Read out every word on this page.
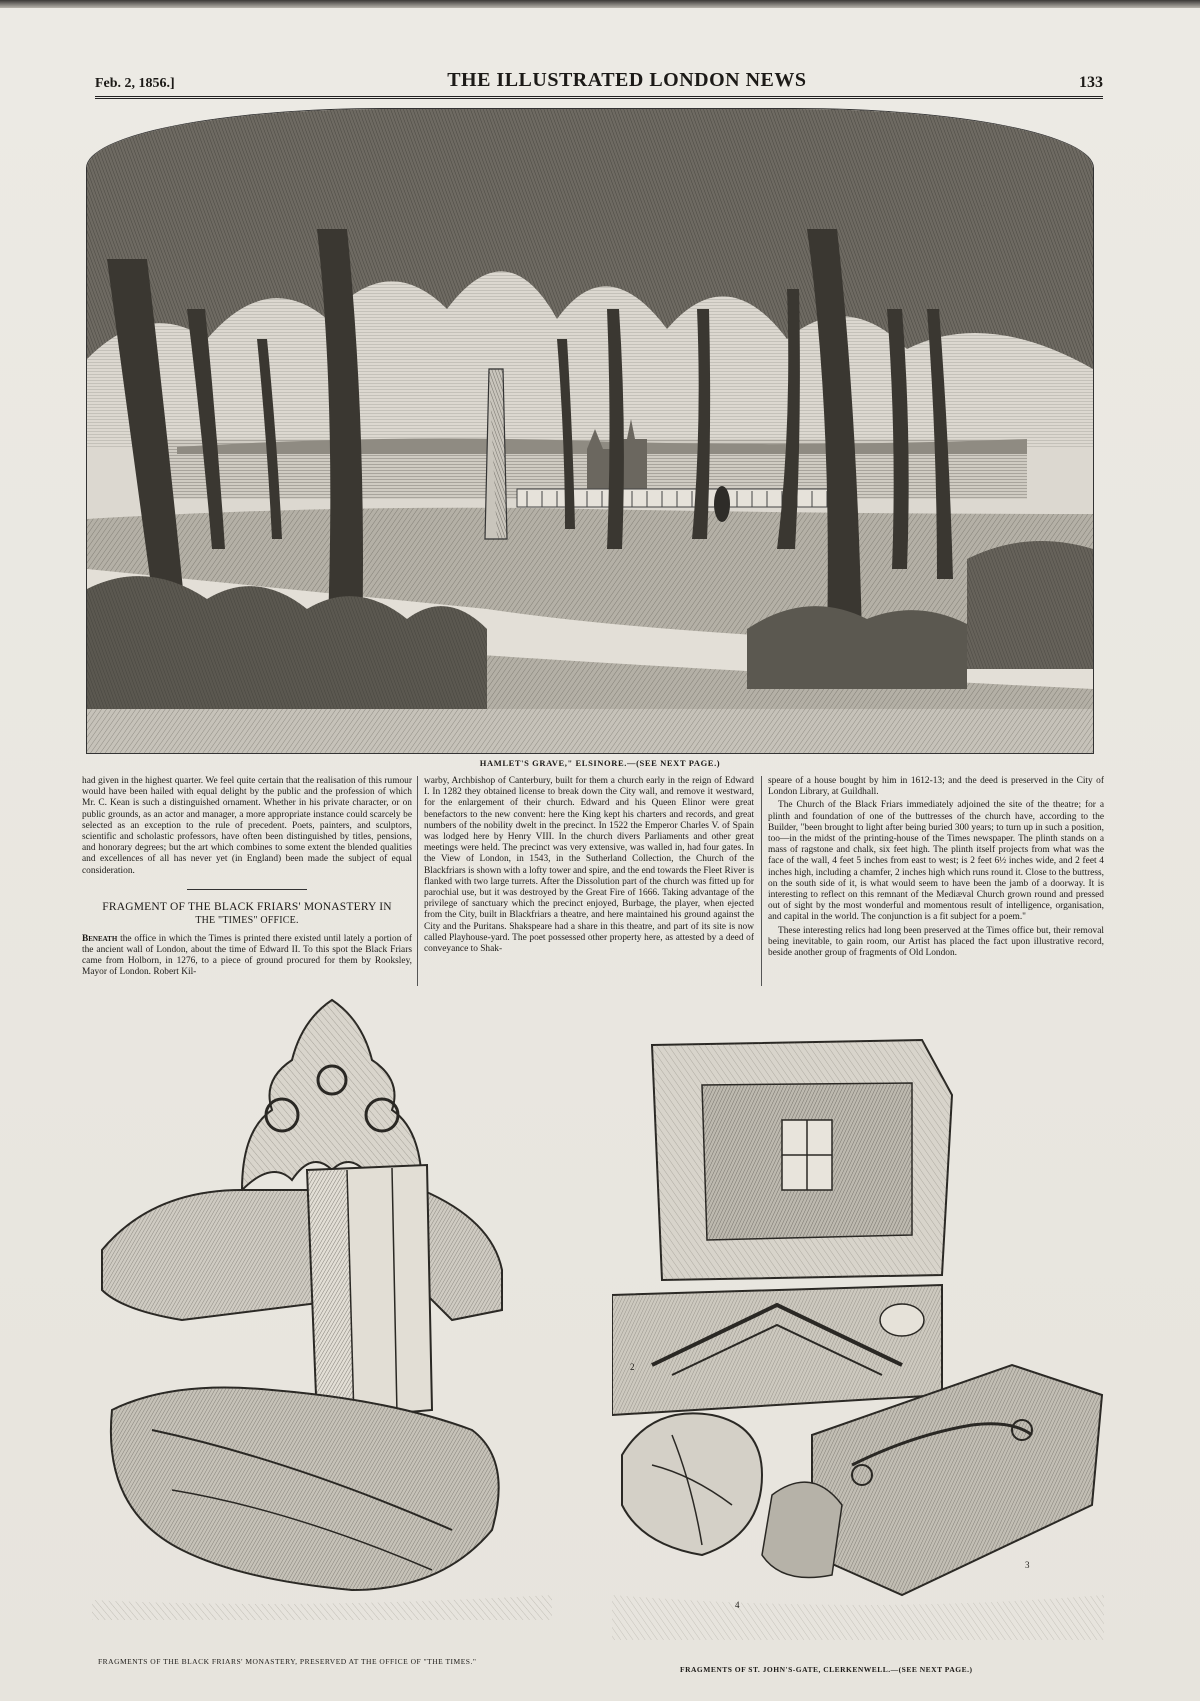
Feb. 2, 1856.]	THE ILLUSTRATED LONDON NEWS	133
HAMLET'S GRAVE," ELSINORE.—(SEE NEXT PAGE.)

had given in the highest quarter. We feel quite certain that the realisation of this rumour would have been hailed with equal delight by the public and the profession of which Mr. C. Kean is such a distinguished ornament. Whether in his private character, or on public grounds, as an actor and manager, a more appropriate instance could scarcely be selected as an exception to the rule of precedent. Poets, painters, and sculptors, scientific and scholastic professors, have often been distinguished by titles, pensions, and honorary degrees; but the art which combines to some extent the blended qualities and excellences of all has never yet (in England) been made the subject of equal consideration.

FRAGMENT OF THE BLACK FRIARS' MONASTERY IN
THE "TIMES" OFFICE.

Beneath the office in which the Times is printed there existed until lately a portion of the ancient wall of London, about the time of Edward II. To this spot the Black Friars came from Holborn, in 1276, to a piece of ground procured for them by Rooksley, Mayor of London. Robert Kil-

warby, Archbishop of Canterbury, built for them a church early in the reign of Edward I. In 1282 they obtained license to break down the City wall, and remove it westward, for the enlargement of their church. Edward and his Queen Elinor were great benefactors to the new convent: here the King kept his charters and records, and great numbers of the nobility dwelt in the precinct. In 1522 the Emperor Charles V. of Spain was lodged here by Henry VIII. In the church divers Parliaments and other great meetings were held. The precinct was very extensive, was walled in, had four gates. In the View of London, in 1543, in the Sutherland Collection, the Church of the Blackfriars is shown with a lofty tower and spire, and the end towards the Fleet River is flanked with two large turrets. After the Dissolution part of the church was fitted up for parochial use, but it was destroyed by the Great Fire of 1666. Taking advantage of the privilege of sanctuary which the precinct enjoyed, Burbage, the player, when ejected from the City, built in Blackfriars a theatre, and here maintained his ground against the City and the Puritans. Shakspeare had a share in this theatre, and part of its site is now called Playhouse-yard. The poet possessed other property here, as attested by a deed of conveyance to Shak-

speare of a house bought by him in 1612-13; and the deed is preserved in the City of London Library, at Guildhall.

The Church of the Black Friars immediately adjoined the site of the theatre; for a plinth and foundation of one of the buttresses of the church have, according to the Builder, "been brought to light after being buried 300 years; to turn up in such a position, too—in the midst of the printing-house of the Times newspaper. The plinth stands on a mass of ragstone and chalk, six feet high. The plinth itself projects from what was the face of the wall, 4 feet 5 inches from east to west; is 2 feet 6½ inches wide, and 2 feet 4 inches high, including a chamfer, 2 inches high which runs round it. Close to the buttress, on the south side of it, is what would seem to have been the jamb of a doorway. It is interesting to reflect on this remnant of the Mediæval Church grown round and pressed out of sight by the most wonderful and momentous result of intelligence, organisation, and capital in the world. The conjunction is a fit subject for a poem."

These interesting relics had long been preserved at the Times office but, their removal being inevitable, to gain room, our Artist has placed the fact upon illustrative record, beside another group of fragments of Old London.

2
3
4
FRAGMENTS OF THE BLACK FRIARS' MONASTERY, PRESERVED AT THE OFFICE OF "THE TIMES."
FRAGMENTS OF ST. JOHN'S-GATE, CLERKENWELL.—(SEE NEXT PAGE.)
